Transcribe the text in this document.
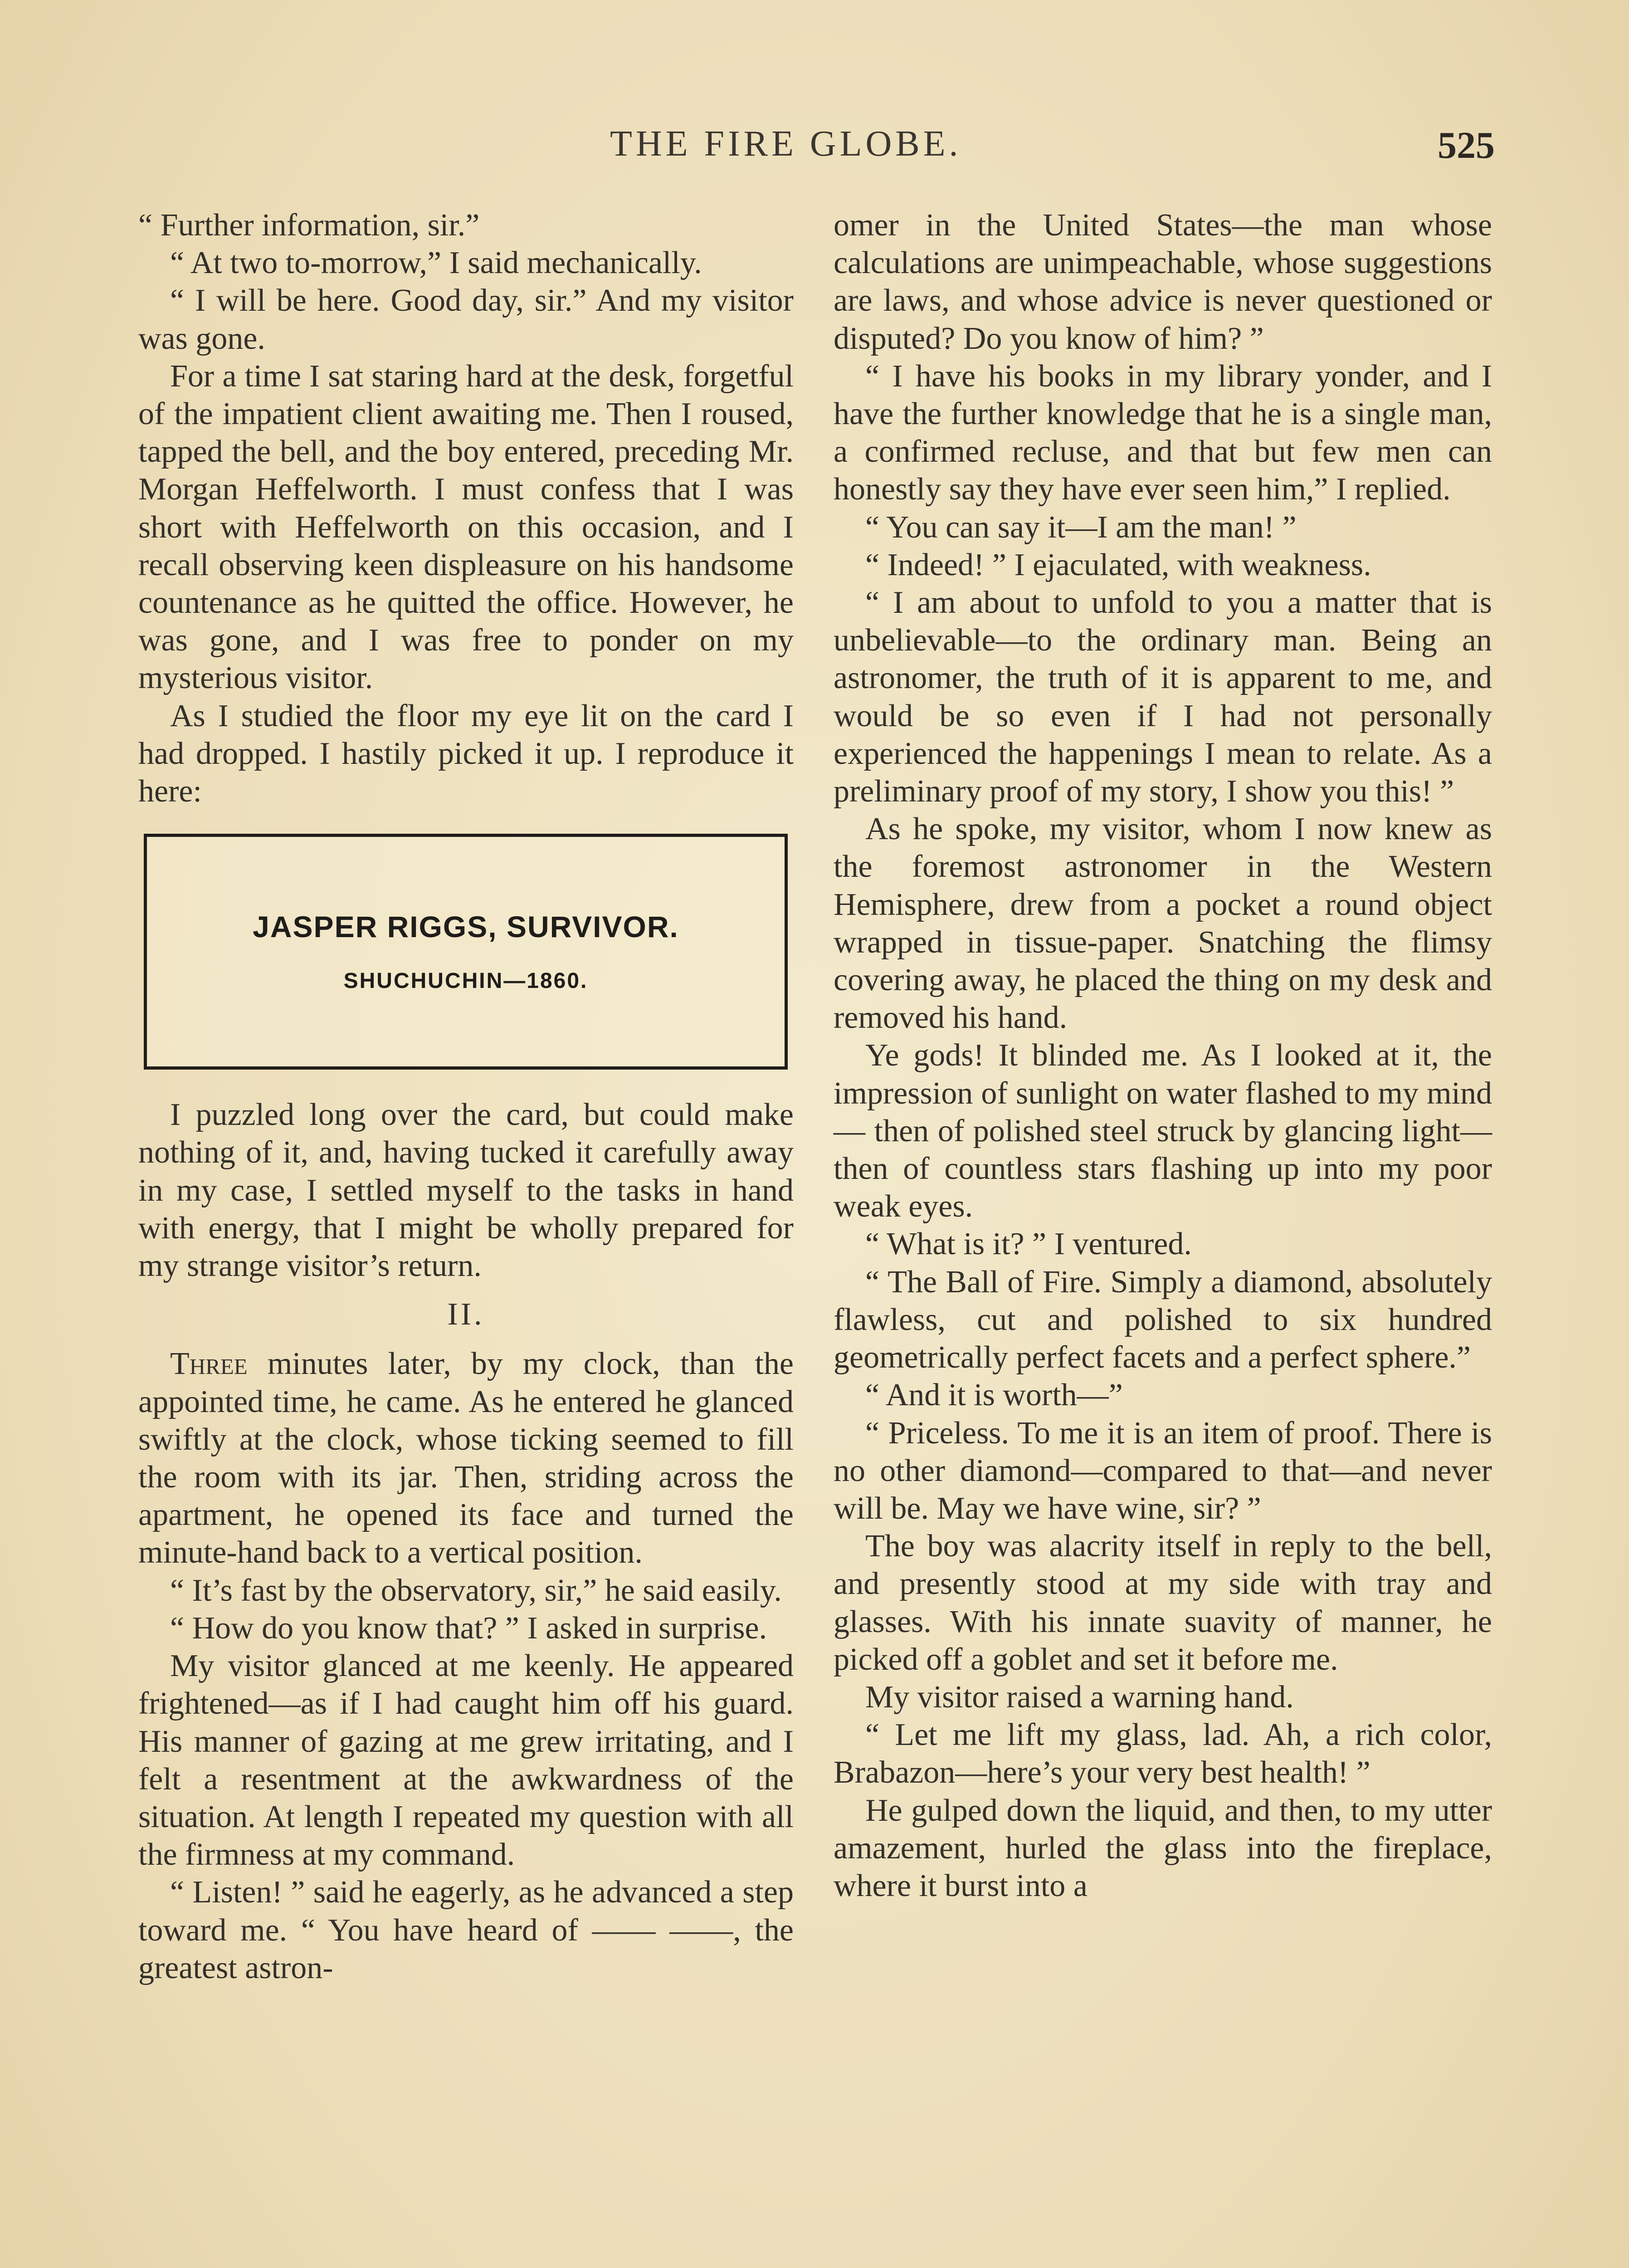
THE FIRE GLOBE.	525

“ Further information, sir.”

“ At two to-morrow,” I said mechanically.

“ I will be here. Good day, sir.” And my visitor was gone.

For a time I sat staring hard at the desk, forgetful of the impatient client awaiting me. Then I roused, tapped the bell, and the boy entered, preceding Mr. Morgan Heffelworth. I must confess that I was short with Heffelworth on this occasion, and I recall observing keen displeasure on his handsome countenance as he quitted the office. However, he was gone, and I was free to ponder on my mysterious visitor.

As I studied the floor my eye lit on the card I had dropped. I hastily picked it up. I reproduce it here:

JASPER RIGGS, SURVIVOR.
SHUCHUCHIN—1860.

I puzzled long over the card, but could make nothing of it, and, having tucked it carefully away in my case, I settled myself to the tasks in hand with energy, that I might be wholly prepared for my strange visitor’s return.

II.

Three minutes later, by my clock, than the appointed time, he came. As he entered he glanced swiftly at the clock, whose ticking seemed to fill the room with its jar. Then, striding across the apartment, he opened its face and turned the minute-hand back to a vertical position.

“ It’s fast by the observatory, sir,” he said easily.

“ How do you know that? ” I asked in surprise.

My visitor glanced at me keenly. He appeared frightened—as if I had caught him off his guard. His manner of gazing at me grew irritating, and I felt a resentment at the awkwardness of the situation. At length I repeated my question with all the firmness at my command.

“ Listen! ” said he eagerly, as he advanced a step toward me. “ You have heard of —— ——, the greatest astron-

omer in the United States—the man whose calculations are unimpeachable, whose suggestions are laws, and whose advice is never questioned or disputed? Do you know of him? ”

“ I have his books in my library yonder, and I have the further knowledge that he is a single man, a confirmed recluse, and that but few men can honestly say they have ever seen him,” I replied.

“ You can say it—I am the man! ”

“ Indeed! ” I ejaculated, with weakness.

“ I am about to unfold to you a matter that is unbelievable—to the ordinary man. Being an astronomer, the truth of it is apparent to me, and would be so even if I had not personally experienced the happenings I mean to relate. As a preliminary proof of my story, I show you this! ”

As he spoke, my visitor, whom I now knew as the foremost astronomer in the Western Hemisphere, drew from a pocket a round object wrapped in tissue-paper. Snatching the flimsy covering away, he placed the thing on my desk and removed his hand.

Ye gods! It blinded me. As I looked at it, the impression of sunlight on water flashed to my mind — then of polished steel struck by glancing light—then of countless stars flashing up into my poor weak eyes.

“ What is it? ” I ventured.

“ The Ball of Fire. Simply a diamond, absolutely flawless, cut and polished to six hundred geometrically perfect facets and a perfect sphere.”

“ And it is worth—”

“ Priceless. To me it is an item of proof. There is no other diamond—compared to that—and never will be. May we have wine, sir? ”

The boy was alacrity itself in reply to the bell, and presently stood at my side with tray and glasses. With his innate suavity of manner, he picked off a goblet and set it before me.

My visitor raised a warning hand.

“ Let me lift my glass, lad. Ah, a rich color, Brabazon—here’s your very best health! ”

He gulped down the liquid, and then, to my utter amazement, hurled the glass into the fireplace, where it burst into a
